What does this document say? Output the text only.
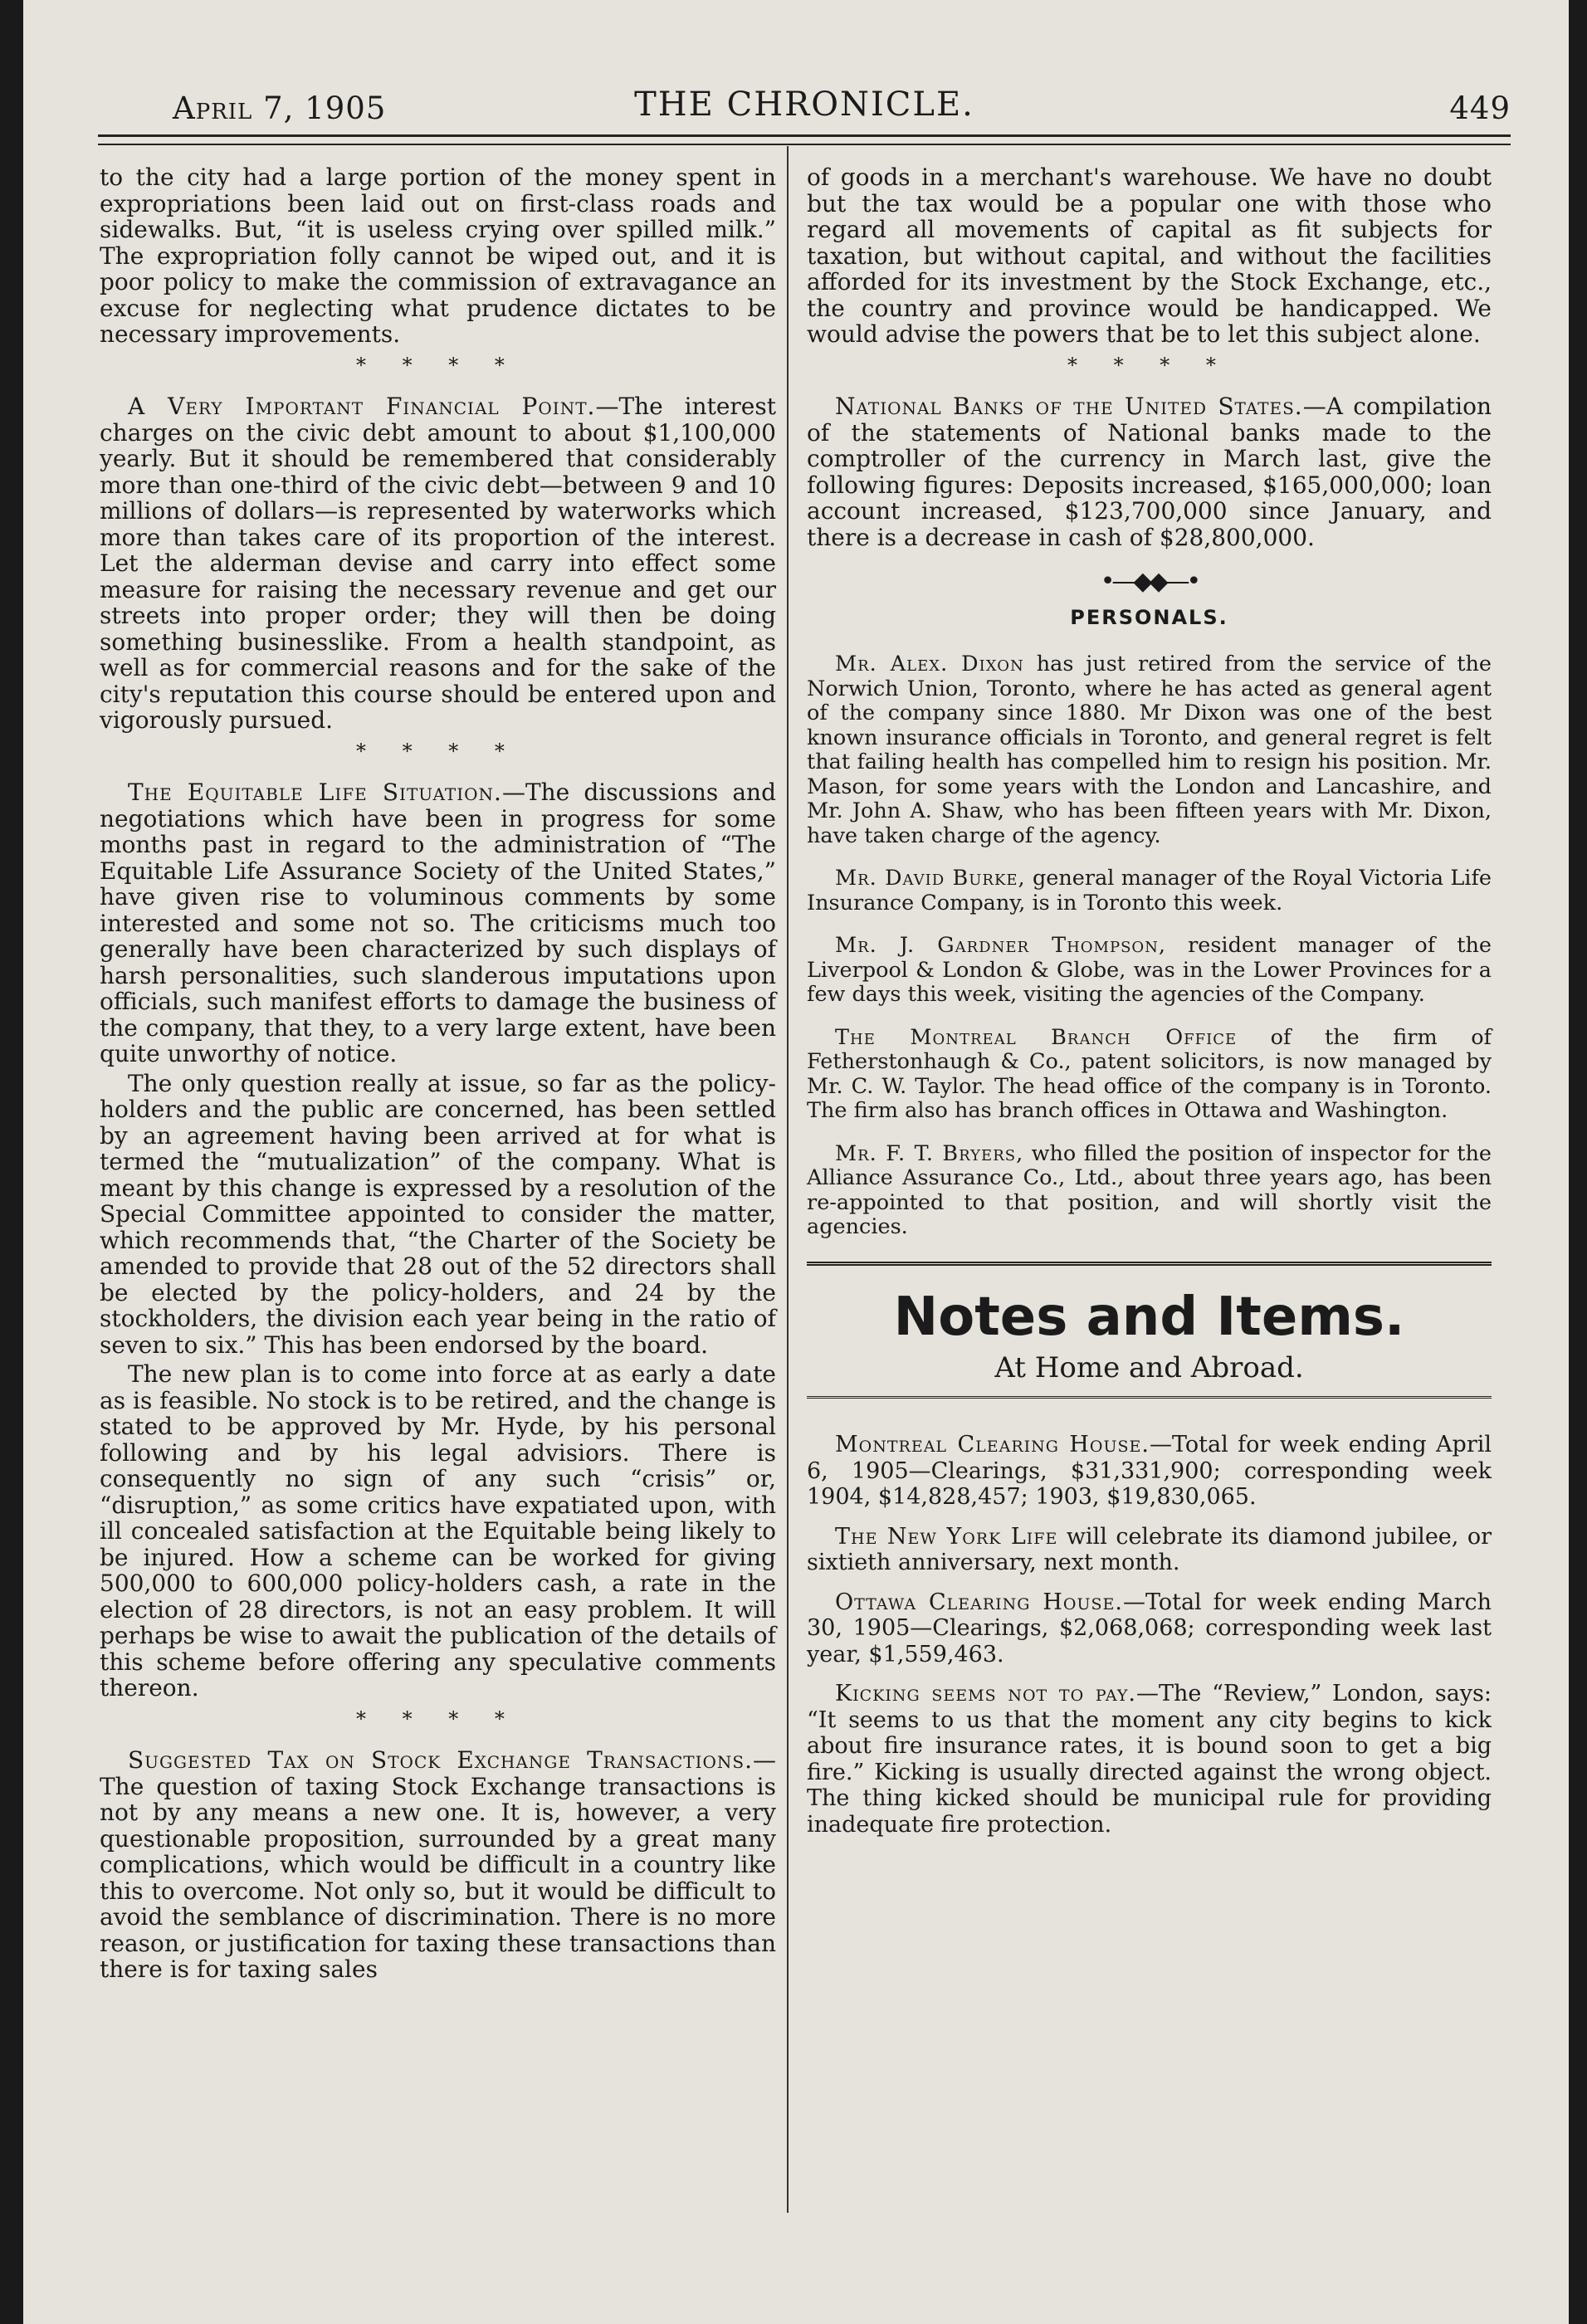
April 7, 1905	THE CHRONICLE.	449

to the city had a large portion of the money spent in expropriations been laid out on first-class roads and sidewalks. But, “it is useless crying over spilled milk.” The expropriation folly cannot be wiped out, and it is poor policy to make the commission of extravagance an excuse for neglecting what prudence dictates to be necessary improvements.

* * * *

A Very Important Financial Point.—The interest charges on the civic debt amount to about $1,100,000 yearly. But it should be remembered that considerably more than one-third of the civic debt—between 9 and 10 millions of dollars—is represented by waterworks which more than takes care of its proportion of the interest. Let the alderman devise and carry into effect some measure for raising the necessary revenue and get our streets into proper order; they will then be doing something businesslike. From a health standpoint, as well as for commercial reasons and for the sake of the city's reputation this course should be entered upon and vigorously pursued.

* * * *

The Equitable Life Situation.—The discussions and negotiations which have been in progress for some months past in regard to the administration of “The Equitable Life Assurance Society of the United States,” have given rise to voluminous comments by some interested and some not so. The criticisms much too generally have been characterized by such displays of harsh personalities, such slanderous imputations upon officials, such manifest efforts to damage the business of the company, that they, to a very large extent, have been quite unworthy of notice.

The only question really at issue, so far as the policy-holders and the public are concerned, has been settled by an agreement having been arrived at for what is termed the “mutualization” of the company. What is meant by this change is expressed by a resolution of the Special Committee appointed to consider the matter, which recommends that, “the Charter of the Society be amended to provide that 28 out of the 52 directors shall be elected by the policy-holders, and 24 by the stockholders, the division each year being in the ratio of seven to six.” This has been endorsed by the board.

The new plan is to come into force at as early a date as is feasible. No stock is to be retired, and the change is stated to be approved by Mr. Hyde, by his personal following and by his legal advisiors. There is consequently no sign of any such “crisis” or, “disruption,” as some critics have expatiated upon, with ill concealed satisfaction at the Equitable being likely to be injured. How a scheme can be worked for giving 500,000 to 600,000 policy-holders cash, a rate in the election of 28 directors, is not an easy problem. It will perhaps be wise to await the publication of the details of this scheme before offering any speculative comments thereon.

* * * *

Suggested Tax on Stock Exchange Transactions.—The question of taxing Stock Exchange transactions is not by any means a new one. It is, however, a very questionable proposition, surrounded by a great many complications, which would be difficult in a country like this to overcome. Not only so, but it would be difficult to avoid the semblance of discrimination. There is no more reason, or justification for taxing these transactions than there is for taxing sales

of goods in a merchant's warehouse. We have no doubt but the tax would be a popular one with those who regard all movements of capital as fit subjects for taxation, but without capital, and without the facilities afforded for its investment by the Stock Exchange, etc., the country and province would be handicapped. We would advise the powers that be to let this subject alone.

* * * *

National Banks of the United States.—A compilation of the statements of National banks made to the comptroller of the currency in March last, give the following figures: Deposits increased, $165,000,000; loan account increased, $123,700,000 since January, and there is a decrease in cash of $28,800,000.

•—◆◆—•
PERSONALS.

Mr. Alex. Dixon has just retired from the service of the Norwich Union, Toronto, where he has acted as general agent of the company since 1880. Mr Dixon was one of the best known insurance officials in Toronto, and general regret is felt that failing health has compelled him to resign his position. Mr. Mason, for some years with the London and Lancashire, and Mr. John A. Shaw, who has been fifteen years with Mr. Dixon, have taken charge of the agency.

Mr. David Burke, general manager of the Royal Victoria Life Insurance Company, is in Toronto this week.

Mr. J. Gardner Thompson, resident manager of the Liverpool & London & Globe, was in the Lower Provinces for a few days this week, visiting the agencies of the Company.

The Montreal Branch Office of the firm of Fetherstonhaugh & Co., patent solicitors, is now managed by Mr. C. W. Taylor. The head office of the company is in Toronto. The firm also has branch offices in Ottawa and Washington.

Mr. F. T. Bryers, who filled the position of inspector for the Alliance Assurance Co., Ltd., about three years ago, has been re-appointed to that position, and will shortly visit the agencies.

Notes and Items.
At Home and Abroad.

Montreal Clearing House.—Total for week ending April 6, 1905—Clearings, $31,331,900; corresponding week 1904, $14,828,457; 1903, $19,830,065.

The New York Life will celebrate its diamond jubilee, or sixtieth anniversary, next month.

Ottawa Clearing House.—Total for week ending March 30, 1905—Clearings, $2,068,068; corresponding week last year, $1,559,463.

Kicking seems not to pay.—The “Review,” London, says: “It seems to us that the moment any city begins to kick about fire insurance rates, it is bound soon to get a big fire.” Kicking is usually directed against the wrong object. The thing kicked should be municipal rule for providing inadequate fire protection.
